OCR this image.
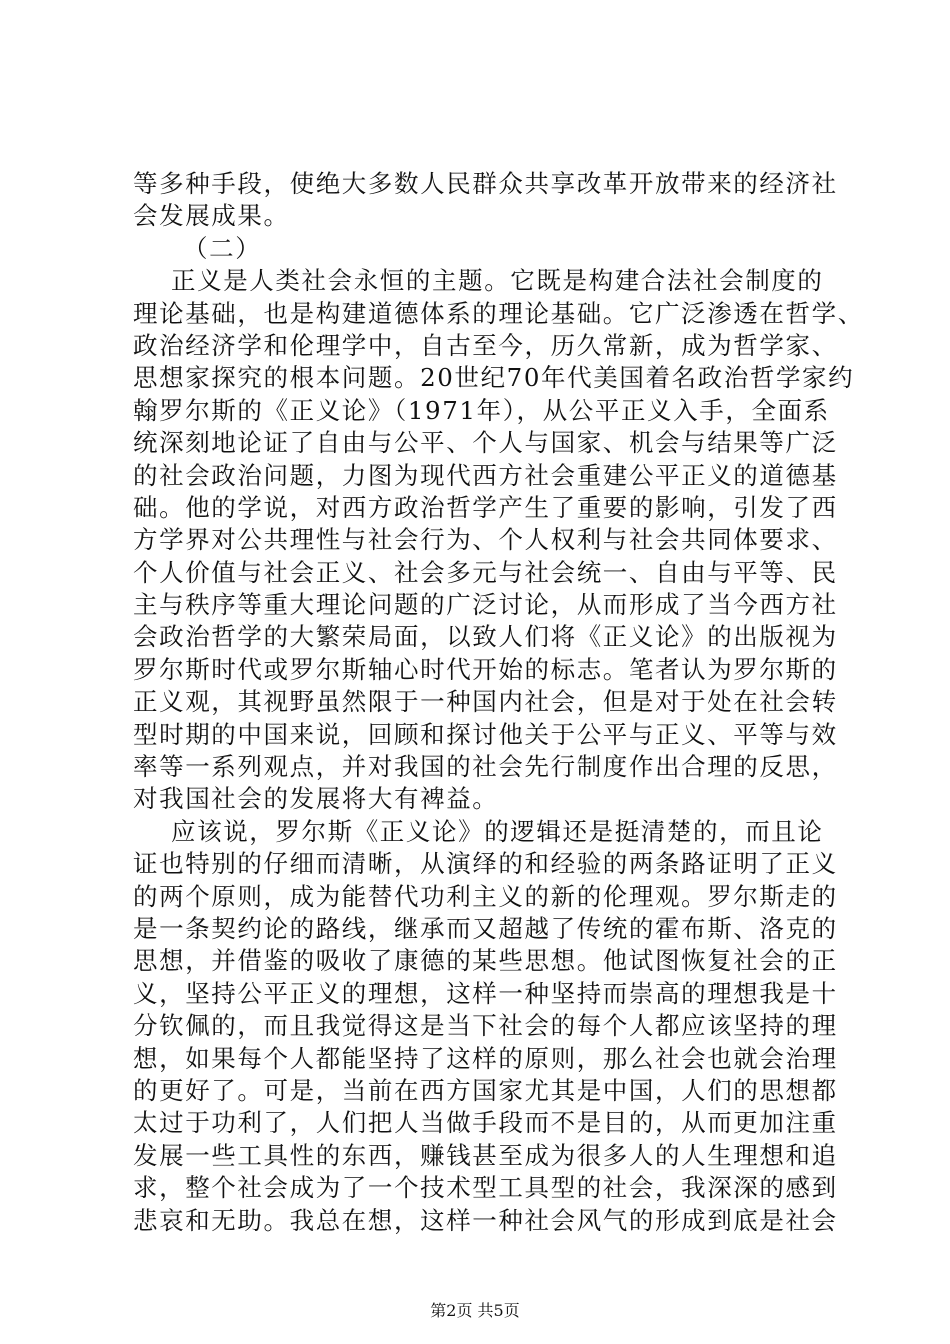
等多种手段，使绝大多数人民群众共享改革开放带来的经济社
会发展成果。
（二）
正义是人类社会永恒的主题。它既是构建合法社会制度的
理论基础，也是构建道德体系的理论基础。它广泛渗透在哲学、
政治经济学和伦理学中，自古至今，历久常新，成为哲学家、
思想家探究的根本问题。20世纪70年代美国着名政治哲学家约
翰罗尔斯的《正义论》（1971年），从公平正义入手，全面系
统深刻地论证了自由与公平、个人与国家、机会与结果等广泛
的社会政治问题，力图为现代西方社会重建公平正义的道德基
础。他的学说，对西方政治哲学产生了重要的影响，引发了西
方学界对公共理性与社会行为、个人权利与社会共同体要求、
个人价值与社会正义、社会多元与社会统一、自由与平等、民
主与秩序等重大理论问题的广泛讨论，从而形成了当今西方社
会政治哲学的大繁荣局面，以致人们将《正义论》的出版视为
罗尔斯时代或罗尔斯轴心时代开始的标志。笔者认为罗尔斯的
正义观，其视野虽然限于一种国内社会，但是对于处在社会转
型时期的中国来说，回顾和探讨他关于公平与正义、平等与效
率等一系列观点，并对我国的社会先行制度作出合理的反思，
对我国社会的发展将大有裨益。
应该说，罗尔斯《正义论》的逻辑还是挺清楚的，而且论
证也特别的仔细而清晰，从演绎的和经验的两条路证明了正义
的两个原则，成为能替代功利主义的新的伦理观。罗尔斯走的
是一条契约论的路线，继承而又超越了传统的霍布斯、洛克的
思想，并借鉴的吸收了康德的某些思想。他试图恢复社会的正
义，坚持公平正义的理想，这样一种坚持而崇高的理想我是十
分钦佩的，而且我觉得这是当下社会的每个人都应该坚持的理
想，如果每个人都能坚持了这样的原则，那么社会也就会治理
的更好了。可是，当前在西方国家尤其是中国，人们的思想都
太过于功利了，人们把人当做手段而不是目的，从而更加注重
发展一些工具性的东西，赚钱甚至成为很多人的人生理想和追
求，整个社会成为了一个技术型工具型的社会，我深深的感到
悲哀和无助。我总在想，这样一种社会风气的形成到底是社会
第2页 共5页
